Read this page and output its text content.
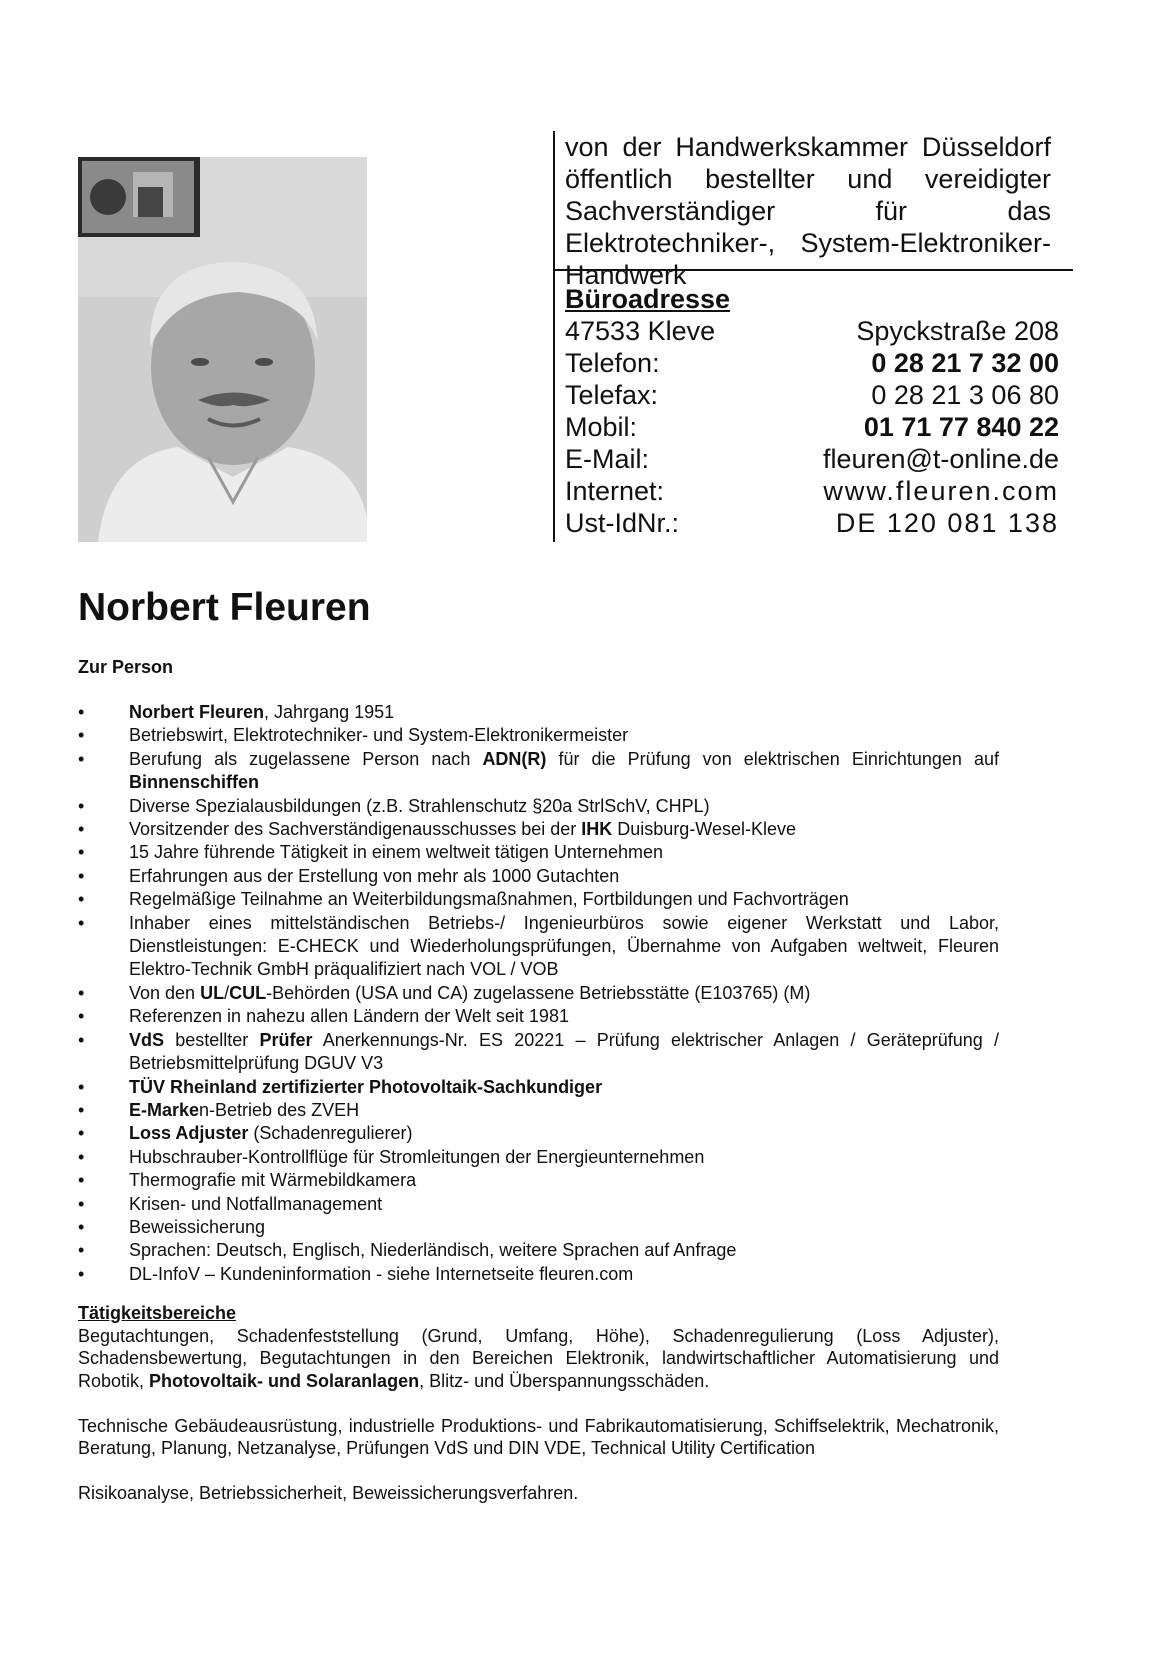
von der Handwerkskammer Düsseldorf öffentlich bestellter und vereidigter Sachverständiger für das Elektrotechniker-, System-Elektroniker-Handwerk
Büroadresse
47533 Kleve	Spyckstraße 208
Telefon:	0 28 21 7 32 00
Telefax:	0 28 21 3 06 80
Mobil:	01 71 77 840 22
E-Mail:	fleuren@t-online.de
Internet:	www.fleuren.com
Ust-IdNr.:	DE 120 081 138
Norbert Fleuren
Zur Person
• Norbert Fleuren, Jahrgang 1951
• Betriebswirt, Elektrotechniker- und System-Elektronikermeister
• Berufung als zugelassene Person nach ADN(R) für die Prüfung von elektrischen Einrichtungen auf Binnenschiffen
• Diverse Spezialausbildungen (z.B. Strahlenschutz §20a StrlSchV, CHPL)
• Vorsitzender des Sachverständigenausschusses bei der IHK Duisburg-Wesel-Kleve
• 15 Jahre führende Tätigkeit in einem weltweit tätigen Unternehmen
• Erfahrungen aus der Erstellung von mehr als 1000 Gutachten
• Regelmäßige Teilnahme an Weiterbildungsmaßnahmen, Fortbildungen und Fachvorträgen
• Inhaber eines mittelständischen Betriebs-/ Ingenieurbüros sowie eigener Werkstatt und Labor, Dienstleistungen: E-CHECK und Wiederholungsprüfungen, Übernahme von Aufgaben weltweit, Fleuren Elektro-Technik GmbH präqualifiziert nach VOL / VOB
• Von den UL/CUL-Behörden (USA und CA) zugelassene Betriebsstätte (E103765) (M)
• Referenzen in nahezu allen Ländern der Welt seit 1981
• VdS bestellter Prüfer Anerkennungs-Nr. ES 20221 – Prüfung elektrischer Anlagen / Geräteprüfung / Betriebsmittelprüfung DGUV V3
• TÜV Rheinland zertifizierter Photovoltaik-Sachkundiger
• E-Marken-Betrieb des ZVEH
• Loss Adjuster (Schadenregulierer)
• Hubschrauber-Kontrollflüge für Stromleitungen der Energieunternehmen
• Thermografie mit Wärmebildkamera
• Krisen- und Notfallmanagement
• Beweissicherung
• Sprachen: Deutsch, Englisch, Niederländisch, weitere Sprachen auf Anfrage
• DL-InfoV – Kundeninformation - siehe Internetseite fleuren.com
Tätigkeitsbereiche

Begutachtungen, Schadenfeststellung (Grund, Umfang, Höhe), Schadenregulierung (Loss Adjuster), Schadensbewertung, Begutachtungen in den Bereichen Elektronik, landwirtschaftlicher Automatisierung und Robotik, Photovoltaik- und Solaranlagen, Blitz- und Überspannungsschäden.

Technische Gebäudeausrüstung, industrielle Produktions- und Fabrikautomatisierung, Schiffselektrik, Mechatronik, Beratung, Planung, Netzanalyse, Prüfungen VdS und DIN VDE, Technical Utility Certification

Risikoanalyse, Betriebssicherheit, Beweissicherungsverfahren.
